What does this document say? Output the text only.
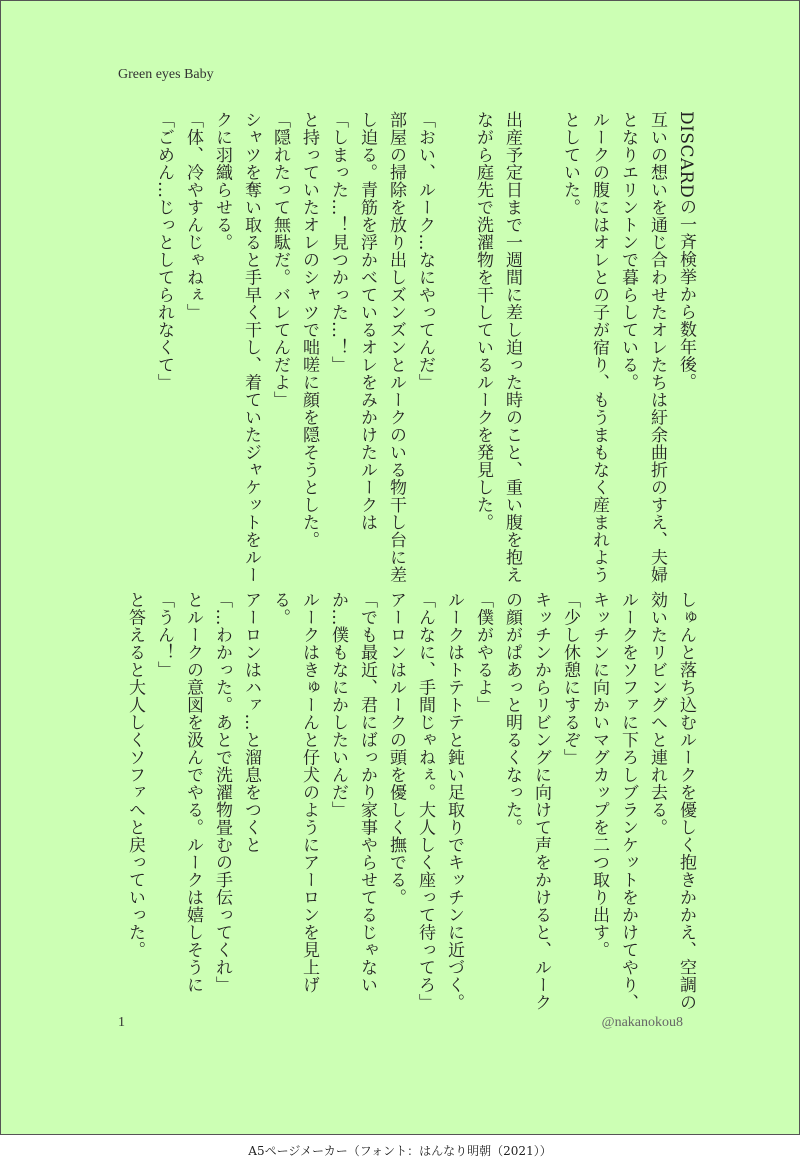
Green eyes Baby

DISCARDの一斉検挙から数年後。

互いの想いを通じ合わせたオレたちは紆余曲折のすえ、夫婦となりエリントンで暮らしている。

ルークの腹にはオレとの子が宿り、もうまもなく産まれようとしていた。

出産予定日まで一週間に差し迫った時のこと、重い腹を抱えながら庭先で洗濯物を干しているルークを発見した。

「おい、ルーク…なにやってんだ」

部屋の掃除を放り出しズンズンとルークのいる物干し台に差し迫る。青筋を浮かべているオレをみかけたルークは

「しまった…！見つかった…！」

と持っていたオレのシャツで咄嗟に顔を隠そうとした。

「隠れたって無駄だ。バレてんだよ」

シャツを奪い取ると手早く干し、着ていたジャケットをルークに羽織らせる。

「体、冷やすんじゃねぇ」

「ごめん…じっとしてられなくて」

しゅんと落ち込むルークを優しく抱きかかえ、空調の効いたリビングへと連れ去る。

ルークをソファに下ろしブランケットをかけてやり、キッチンに向かいマグカップを二つ取り出す。

「少し休憩にするぞ」

キッチンからリビングに向けて声をかけると、ルークの顔がぱあっと明るくなった。

「僕がやるよ」

ルークはトテトテと鈍い足取りでキッチンに近づく。

「んなに、手間じゃねぇ。大人しく座って待ってろ」

アーロンはルークの頭を優しく撫でる。

「でも最近、君にばっかり家事やらせてるじゃないか…僕もなにかしたいんだ」

ルークはきゅーんと仔犬のようにアーロンを見上げる。

アーロンはハァ…と溜息をつくと

「…わかった。あとで洗濯物畳むの手伝ってくれ」

とルークの意図を汲んでやる。ルークは嬉しそうに

「うん！」

と答えると大人しくソファへと戻っていった。

1	@nakanokou8
A5ページメーカー（フォント：はんなり明朝（2021））
